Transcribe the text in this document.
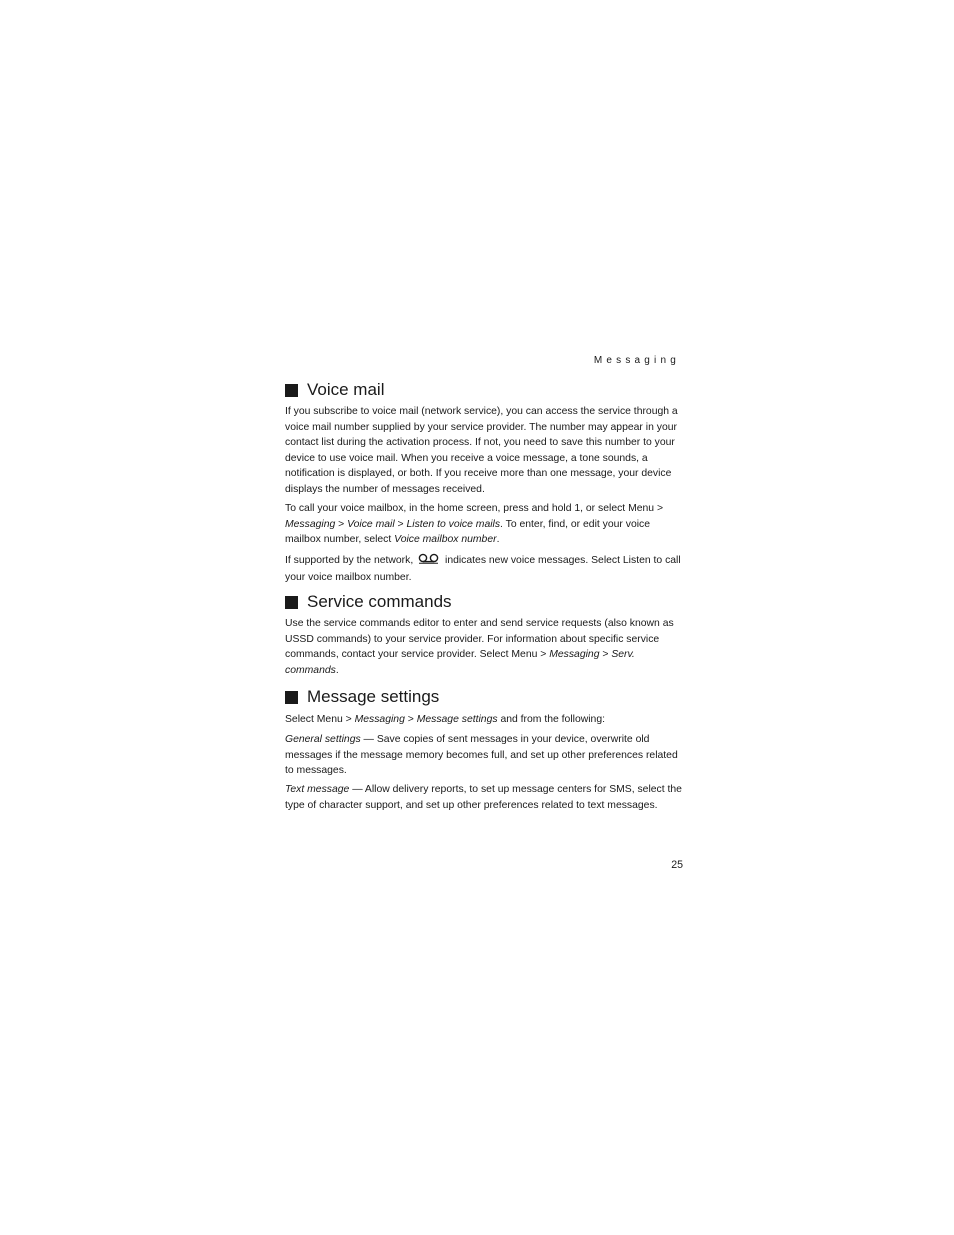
Messaging
Voice mail

If you subscribe to voice mail (network service), you can access the service through a voice mail number supplied by your service provider. The number may appear in your contact list during the activation process. If not, you need to save this number to your device to use voice mail. When you receive a voice message, a tone sounds, a notification is displayed, or both. If you receive more than one message, your device displays the number of messages received.

To call your voice mailbox, in the home screen, press and hold 1, or select Menu > Messaging > Voice mail > Listen to voice mails. To enter, find, or edit your voice mailbox number, select Voice mailbox number.

If supported by the network,	indicates new voice messages. Select Listen to call your voice mailbox number.

Service commands

Use the service commands editor to enter and send service requests (also known as USSD commands) to your service provider. For information about specific service commands, contact your service provider. Select Menu > Messaging > Serv. commands.

Message settings

Select Menu > Messaging > Message settings and from the following:

General settings — Save copies of sent messages in your device, overwrite old messages if the message memory becomes full, and set up other preferences related to messages.

Text message — Allow delivery reports, to set up message centers for SMS, select the type of character support, and set up other preferences related to text messages.

25
